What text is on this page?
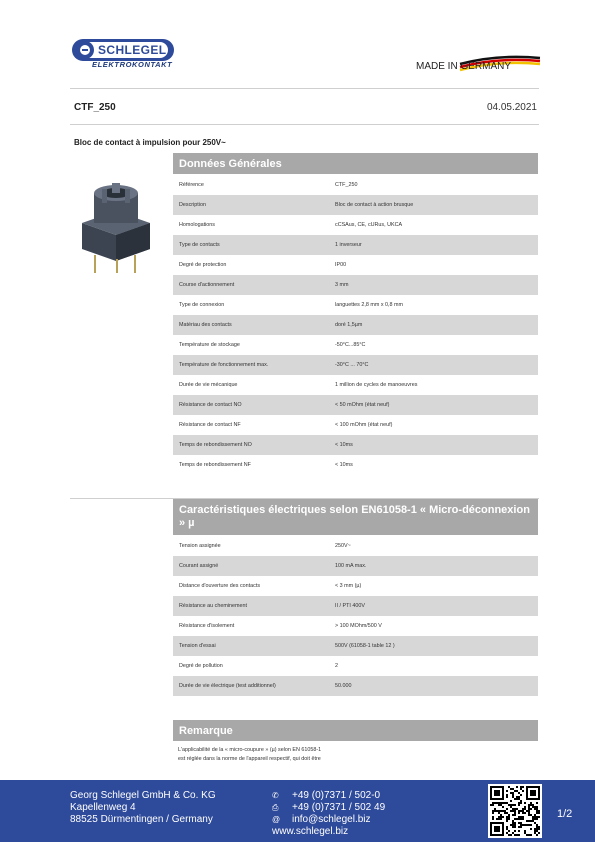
SCHLEGEL
ELEKTROKONTAKT	MADE IN GERMANY
CTF_250	04.05.2021
Bloc de contact à impulsion pour 250V~
Données Générales
Référence	CTF_250
Description	Bloc de contact à action brusque
Homologations	cCSAus, CE, cURus, UKCA
Type de contacts	1 inverseur
Degré de protection	IP00
Course d'actionnement	3 mm
Type de connexion	languettes 2,8 mm x 0,8 mm
Matériau des contacts	doré 1,5µm
Température de stockage	-50°C...85°C
Température de fonctionnement max.	-30°C ... 70°C
Durée de vie mécanique	1 million de cycles de manoeuvres
Résistance de contact NO	< 50 mOhm (état neuf)
Résistance de contact NF	< 100 mOhm (état neuf)
Temps de rebondissement NO	< 10ms
Temps de rebondissement NF	< 10ms
Caractéristiques électriques selon EN61058-1 « Micro-déconnexion » µ
Tension assignée	250V~
Courant assigné	100 mA max.
Distance d'ouverture des contacts	< 3 mm (µ)
Résistance au cheminement	II / PTI 400V
Résistance d'isolement	> 100 MOhm/500 V
Tension d'essai	500V (61058-1 table 12 )
Degré de pollution	2
Durée de vie électrique (test additionnel)	50.000
Remarque
L'applicabilité de la « micro-coupure » (µ) selon EN 61058-1
est réglée dans la norme de l'appareil respectif, qui doit être
Georg Schlegel GmbH & Co. KG
Kapellenweg 4
88525 Dürmentingen / Germany
✆	+49 (0)7371 / 502-0
⎙	+49 (0)7371 / 502 49
@	info@schlegel.biz
www.schlegel.biz
1/2
